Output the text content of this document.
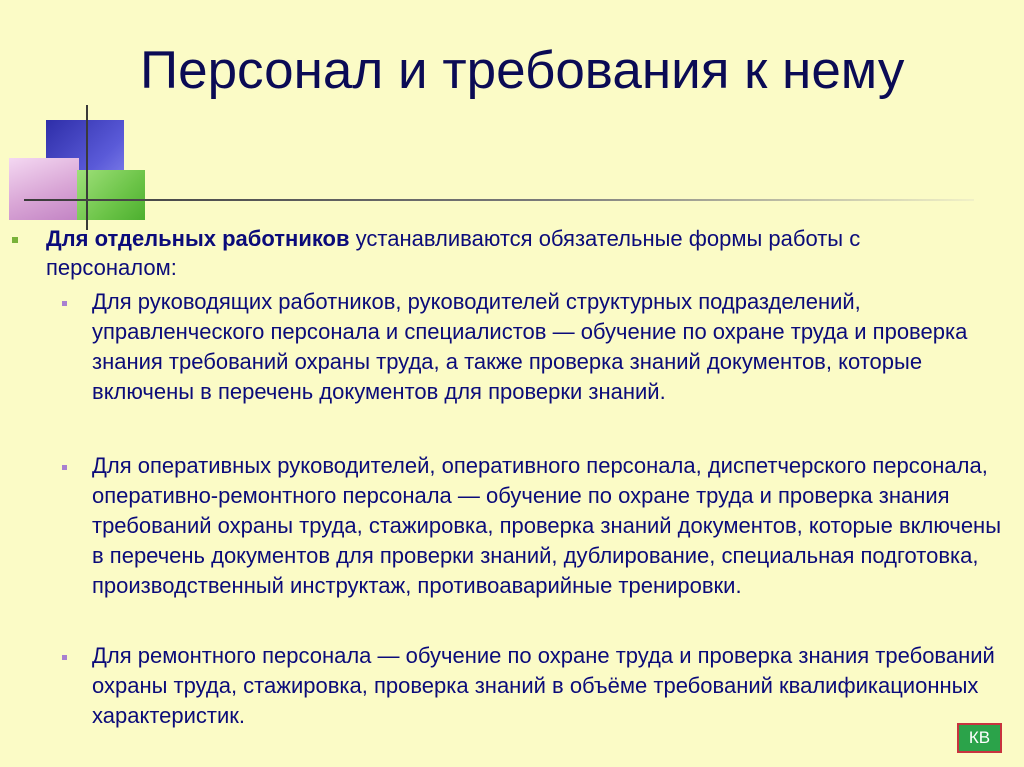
Персонал и требования к нему
Для отдельных работников устанавливаются обязательные формы работы с персоналом:
Для руководящих работников, руководителей структурных подразделений, управленческого персонала и специалистов — обучение по охране труда и проверка знания требований охраны труда, а также проверка знаний документов, которые включены в перечень документов для проверки знаний.
Для оперативных руководителей, оперативного персонала, диспетчерского персонала, оперативно-ремонтного персонала — обучение по охране труда и проверка знания требований охраны труда, стажировка, проверка знаний документов, которые включены в перечень документов для проверки знаний, дублирование, специальная подготовка, производственный инструктаж, противоаварийные тренировки.
Для ремонтного персонала — обучение по охране труда и проверка знания требований охраны труда, стажировка, проверка знаний в объёме требований квалификационных характеристик.
КВ
